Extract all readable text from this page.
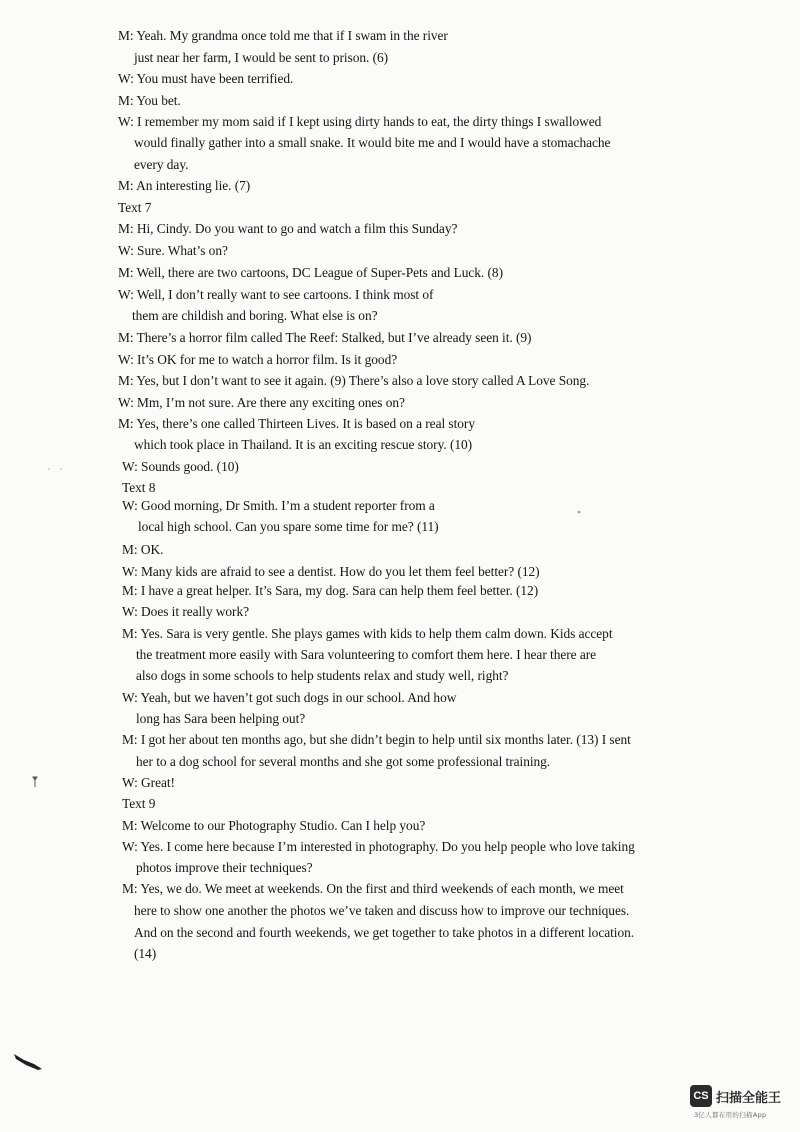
M: Yeah. My grandma once told me that if I swam in the river
just near her farm, I would be sent to prison. (6)
W: You must have been terrified.
M: You bet.
W: I remember my mom said if I kept using dirty hands to eat, the dirty things I swallowed
would finally gather into a small snake. It would bite me and I would have a stomachache
every day.
M: An interesting lie. (7)
Text 7
M: Hi, Cindy. Do you want to go and watch a film this Sunday?
W: Sure. What’s on?
M: Well, there are two cartoons, DC League of Super-Pets and Luck. (8)
W: Well, I don’t really want to see cartoons. I think most of
them are childish and boring. What else is on?
M: There’s a horror film called The Reef: Stalked, but I’ve already seen it. (9)
W: It’s OK for me to watch a horror film. Is it good?
M: Yes, but I don’t want to see it again. (9) There’s also a love story called A Love Song.
W: Mm, I’m not sure. Are there any exciting ones on?
M: Yes, there’s one called Thirteen Lives. It is based on a real story
which took place in Thailand. It is an exciting rescue story. (10)
W: Sounds good. (10)
Text 8
W: Good morning, Dr Smith. I’m a student reporter from a
local high school. Can you spare some time for me? (11)
M: OK.
W: Many kids are afraid to see a dentist. How do you let them feel better? (12)
M: I have a great helper. It’s Sara, my dog. Sara can help them feel better. (12)
W: Does it really work?
M: Yes. Sara is very gentle. She plays games with kids to help them calm down. Kids accept
the treatment more easily with Sara volunteering to comfort them here. I hear there are
also dogs in some schools to help students relax and study well, right?
W: Yeah, but we haven’t got such dogs in our school. And how
long has Sara been helping out?
M: I got her about ten months ago, but she didn’t begin to help until six months later. (13) I sent
her to a dog school for several months and she got some professional training.
W: Great!
Text 9
M: Welcome to our Photography Studio. Can I help you?
W: Yes. I come here because I’m interested in photography. Do you help people who love taking
photos improve their techniques?
M: Yes, we do. We meet at weekends. On the first and third weekends of each month, we meet
here to show one another the photos we’ve taken and discuss how to improve our techniques.
And on the second and fourth weekends, we get together to take photos in a different location.
(14)
CS 扫描全能王
3亿人都在用的扫描App
